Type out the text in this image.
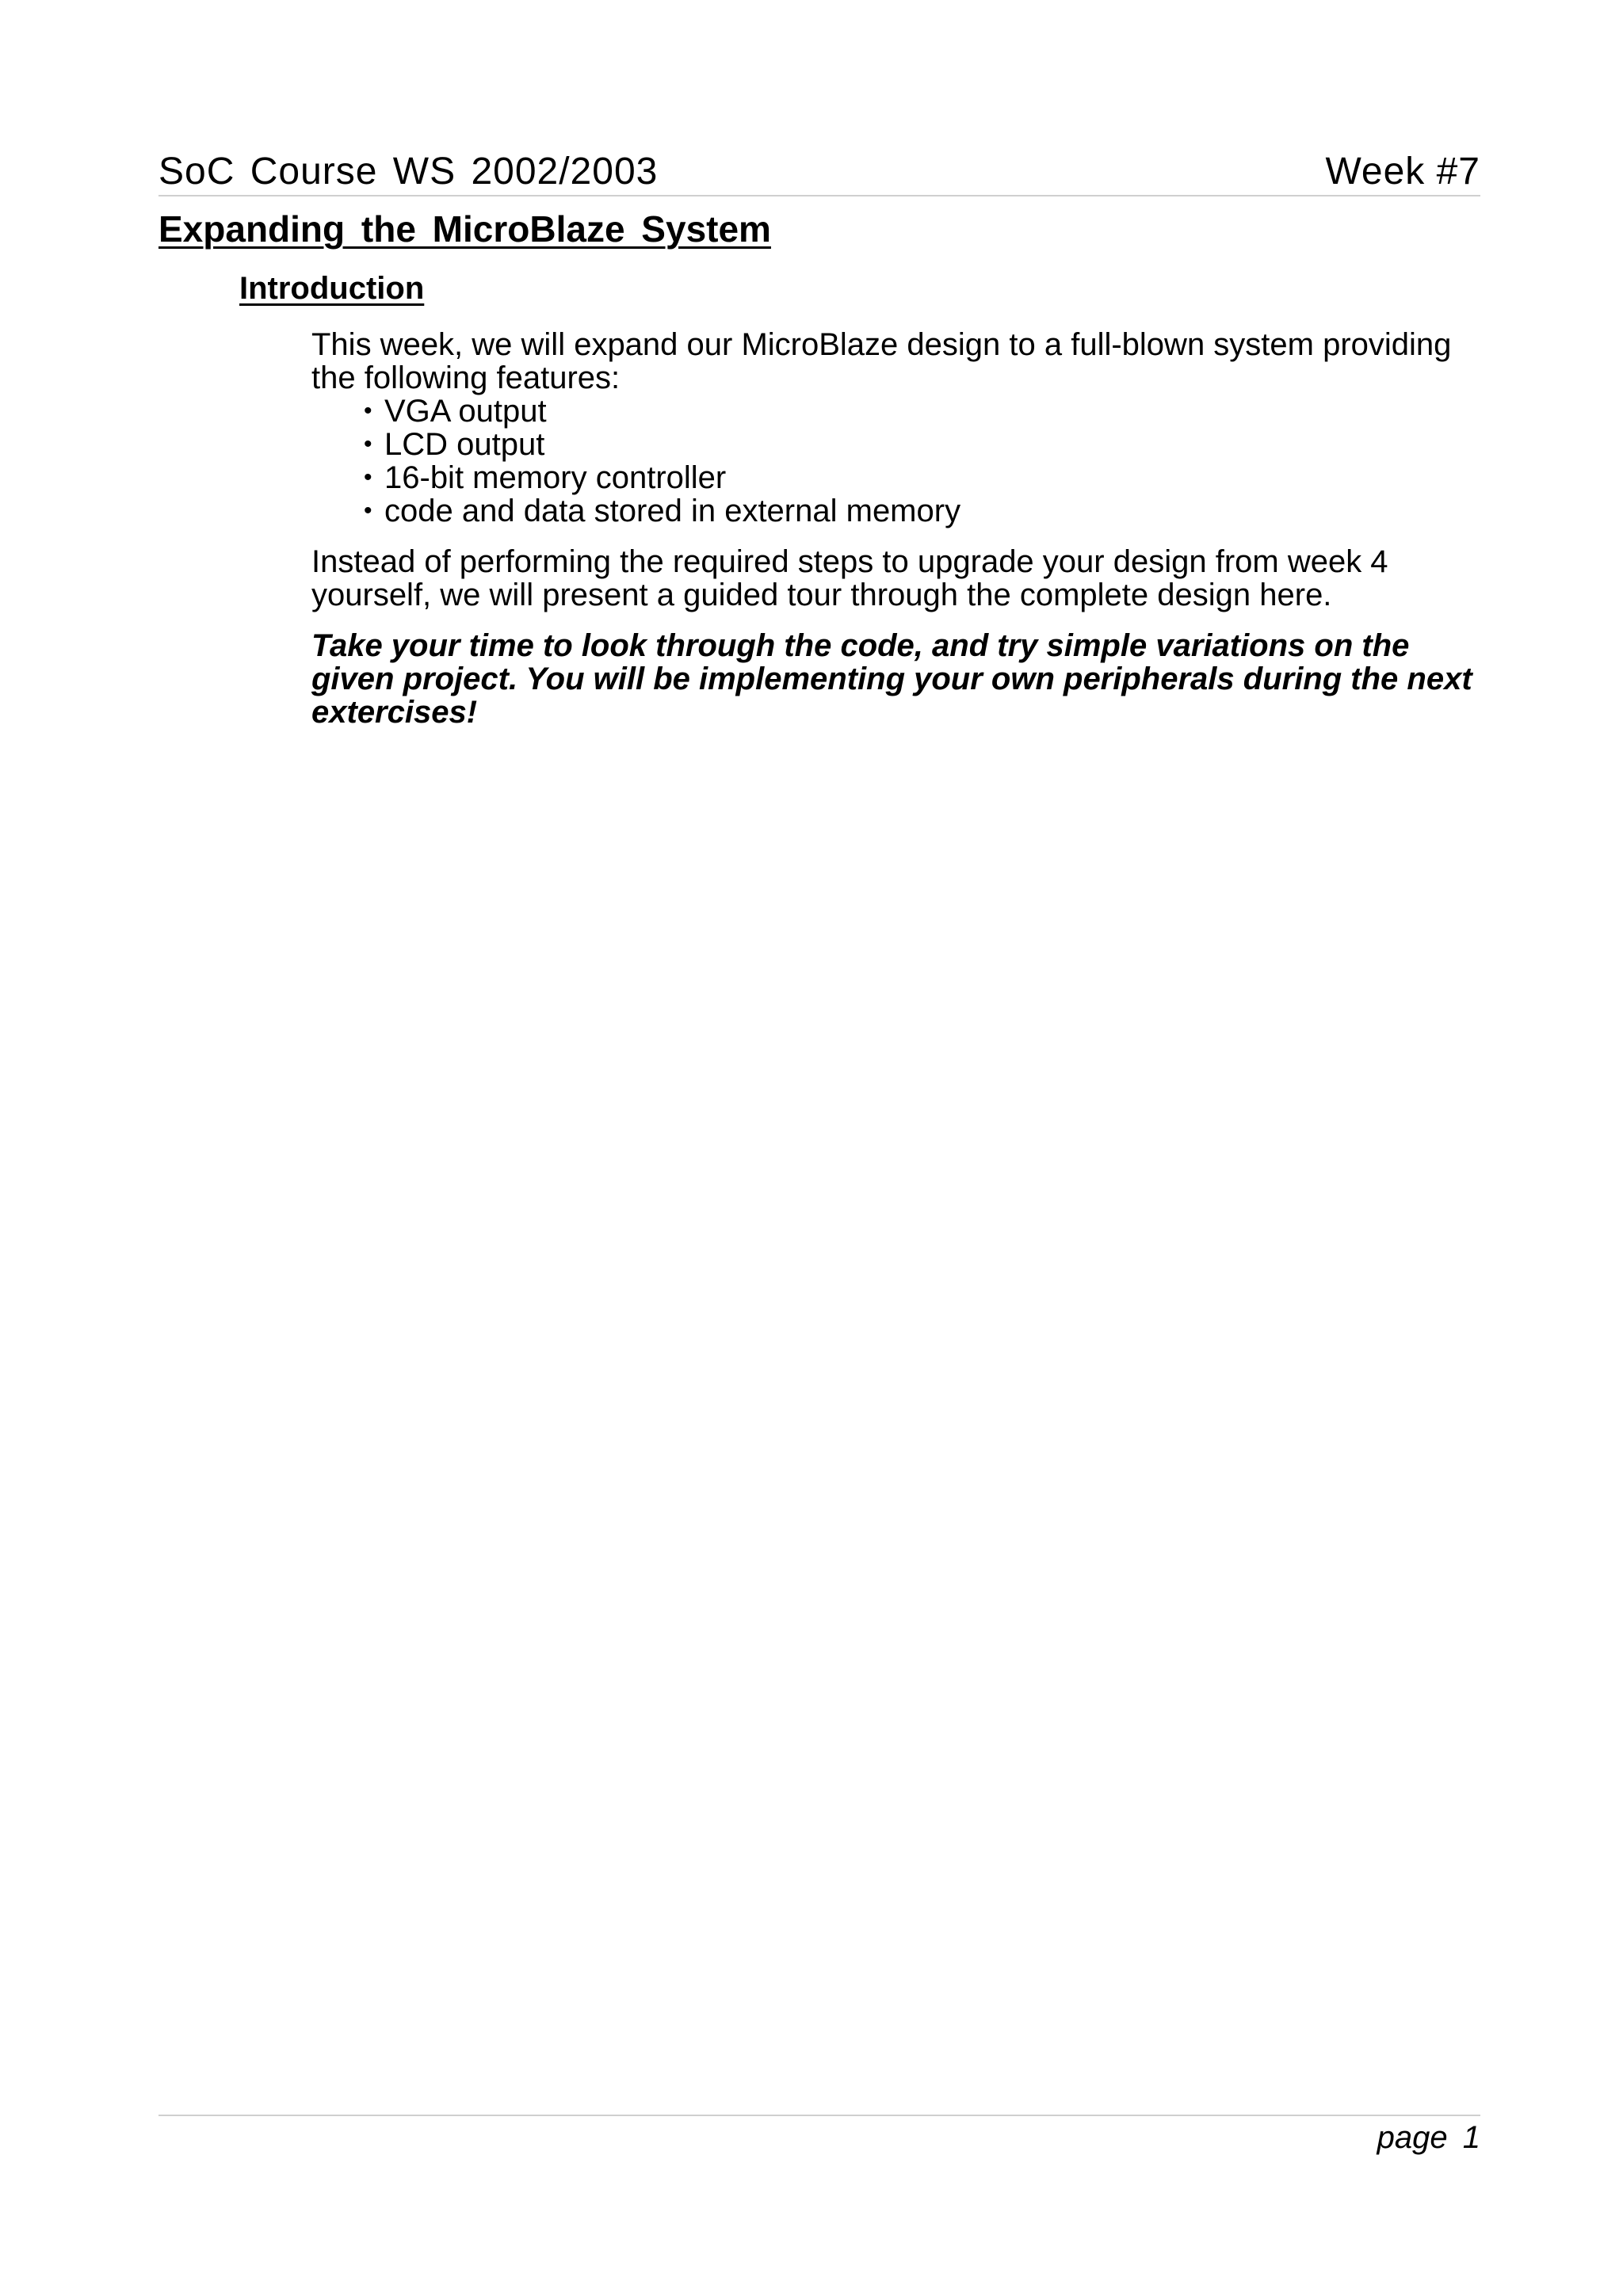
SoC Course WS 2002/2003	Week #7
Expanding the MicroBlaze System
Introduction

This week, we will expand our MicroBlaze design to a full-blown system providing the following features:

• VGA output
• LCD output
• 16-bit memory controller
• code and data stored in external memory

Instead of performing the required steps to upgrade your design from week 4 yourself, we will present a guided tour through the complete design here.

Take your time to look through the code, and try simple variations on the given project. You will be implementing your own peripherals during the next extercises!

page 1
